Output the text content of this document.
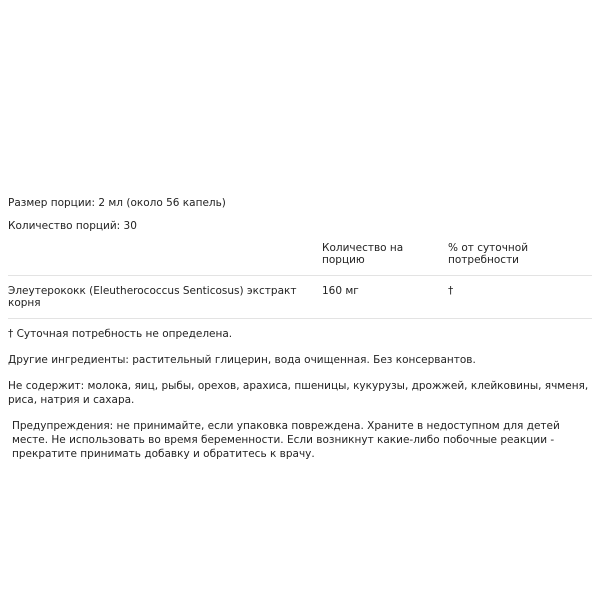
Размер порции: 2 мл (около 56 капель)

Количество порций: 30

Количество на порцию
% от суточной потребности
Элеутерококк (Eleutherococcus Senticosus) экстракт корня
160 мг	†

† Суточная потребность не определена.

Другие ингредиенты: растительный глицерин, вода очищенная. Без консервантов.

Не содержит: молока, яиц, рыбы, орехов, арахиса, пшеницы, кукурузы, дрожжей, клейковины, ячменя, риса, натрия и сахара.

Предупреждения: не принимайте, если упаковка повреждена. Храните в недоступном для детей месте. Не использовать во время беременности. Если возникнут какие-либо побочные реакции - прекратите принимать добавку и обратитесь к врачу.
